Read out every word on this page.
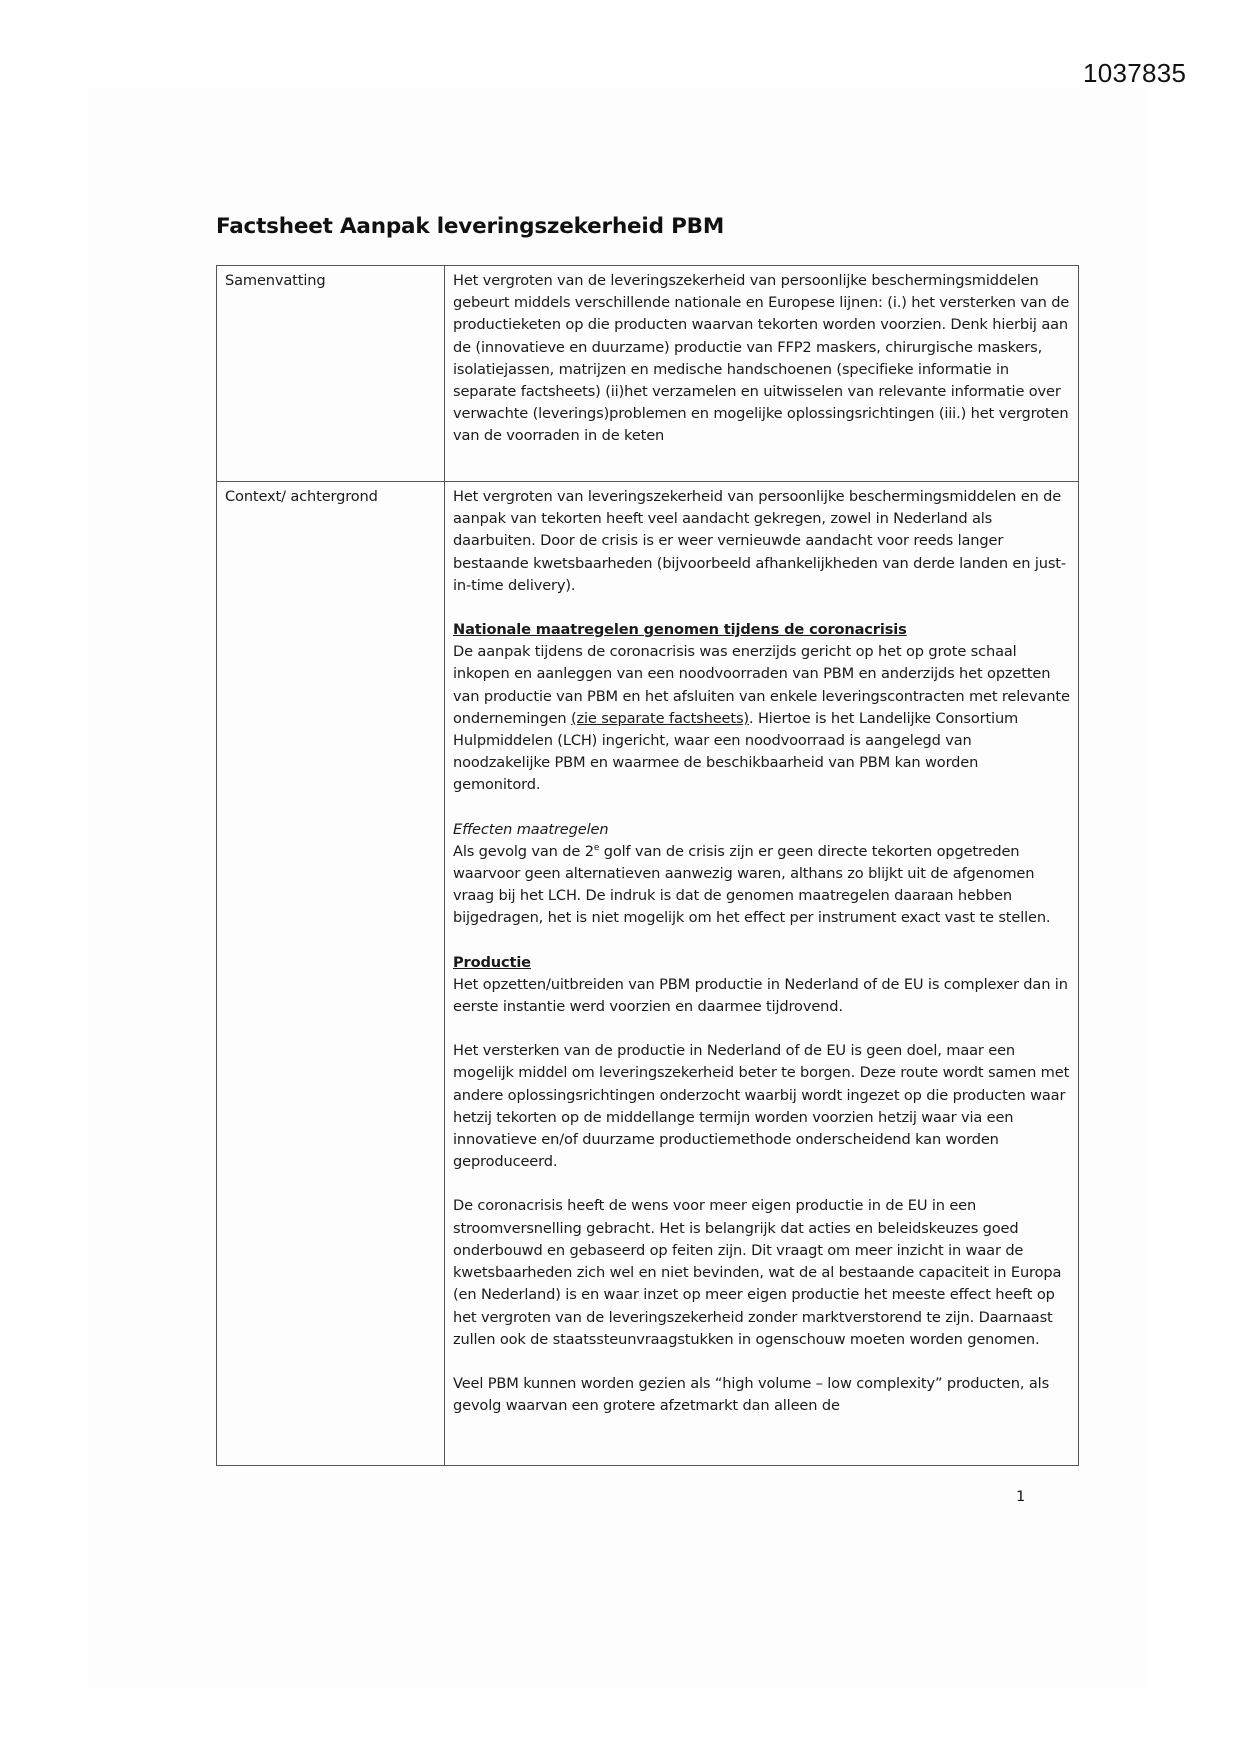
1037835
Factsheet Aanpak leveringszekerheid PBM
Samenvatting	Het vergroten van de leveringszekerheid van persoonlijke beschermingsmiddelen gebeurt middels verschillende nationale en Europese lijnen: (i.) het versterken van de productieketen op die producten waarvan tekorten worden voorzien. Denk hierbij aan de (innovatieve en duurzame) productie van FFP2 maskers, chirurgische maskers, isolatiejassen, matrijzen en medische handschoenen (specifieke informatie in separate factsheets) (ii)het verzamelen en uitwisselen van relevante informatie over verwachte (leverings)problemen en mogelijke oplossingsrichtingen (iii.) het vergroten van de voorraden in de keten

Context/ achtergrond	Het vergroten van leveringszekerheid van persoonlijke beschermingsmiddelen en de aanpak van tekorten heeft veel aandacht gekregen, zowel in Nederland als daarbuiten. Door de crisis is er weer vernieuwde aandacht voor reeds langer bestaande kwetsbaarheden (bijvoorbeeld afhankelijkheden van derde landen en just-in-time delivery).

Nationale maatregelen genomen tijdens de coronacrisis
De aanpak tijdens de coronacrisis was enerzijds gericht op het op grote schaal inkopen en aanleggen van een noodvoorraden van PBM en anderzijds het opzetten van productie van PBM en het afsluiten van enkele leveringscontracten met relevante ondernemingen (zie separate factsheets). Hiertoe is het Landelijke Consortium Hulpmiddelen (LCH) ingericht, waar een noodvoorraad is aangelegd van noodzakelijke PBM en waarmee de beschikbaarheid van PBM kan worden gemonitord.

Effecten maatregelen
Als gevolg van de 2e golf van de crisis zijn er geen directe tekorten opgetreden waarvoor geen alternatieven aanwezig waren, althans zo blijkt uit de afgenomen vraag bij het LCH. De indruk is dat de genomen maatregelen daaraan hebben bijgedragen, het is niet mogelijk om het effect per instrument exact vast te stellen.

Productie
Het opzetten/uitbreiden van PBM productie in Nederland of de EU is complexer dan in eerste instantie werd voorzien en daarmee tijdrovend.

Het versterken van de productie in Nederland of de EU is geen doel, maar een mogelijk middel om leveringszekerheid beter te borgen. Deze route wordt samen met andere oplossingsrichtingen onderzocht waarbij wordt ingezet op die producten waar hetzij tekorten op de middellange termijn worden voorzien hetzij waar via een innovatieve en/of duurzame productiemethode onderscheidend kan worden geproduceerd.

De coronacrisis heeft de wens voor meer eigen productie in de EU in een stroomversnelling gebracht. Het is belangrijk dat acties en beleidskeuzes goed onderbouwd en gebaseerd op feiten zijn. Dit vraagt om meer inzicht in waar de kwetsbaarheden zich wel en niet bevinden, wat de al bestaande capaciteit in Europa (en Nederland) is en waar inzet op meer eigen productie het meeste effect heeft op het vergroten van de leveringszekerheid zonder marktverstorend te zijn. Daarnaast zullen ook de staatssteunvraagstukken in ogenschouw moeten worden genomen.

Veel PBM kunnen worden gezien als “high volume – low complexity” producten, als gevolg waarvan een grotere afzetmarkt dan alleen de

1
